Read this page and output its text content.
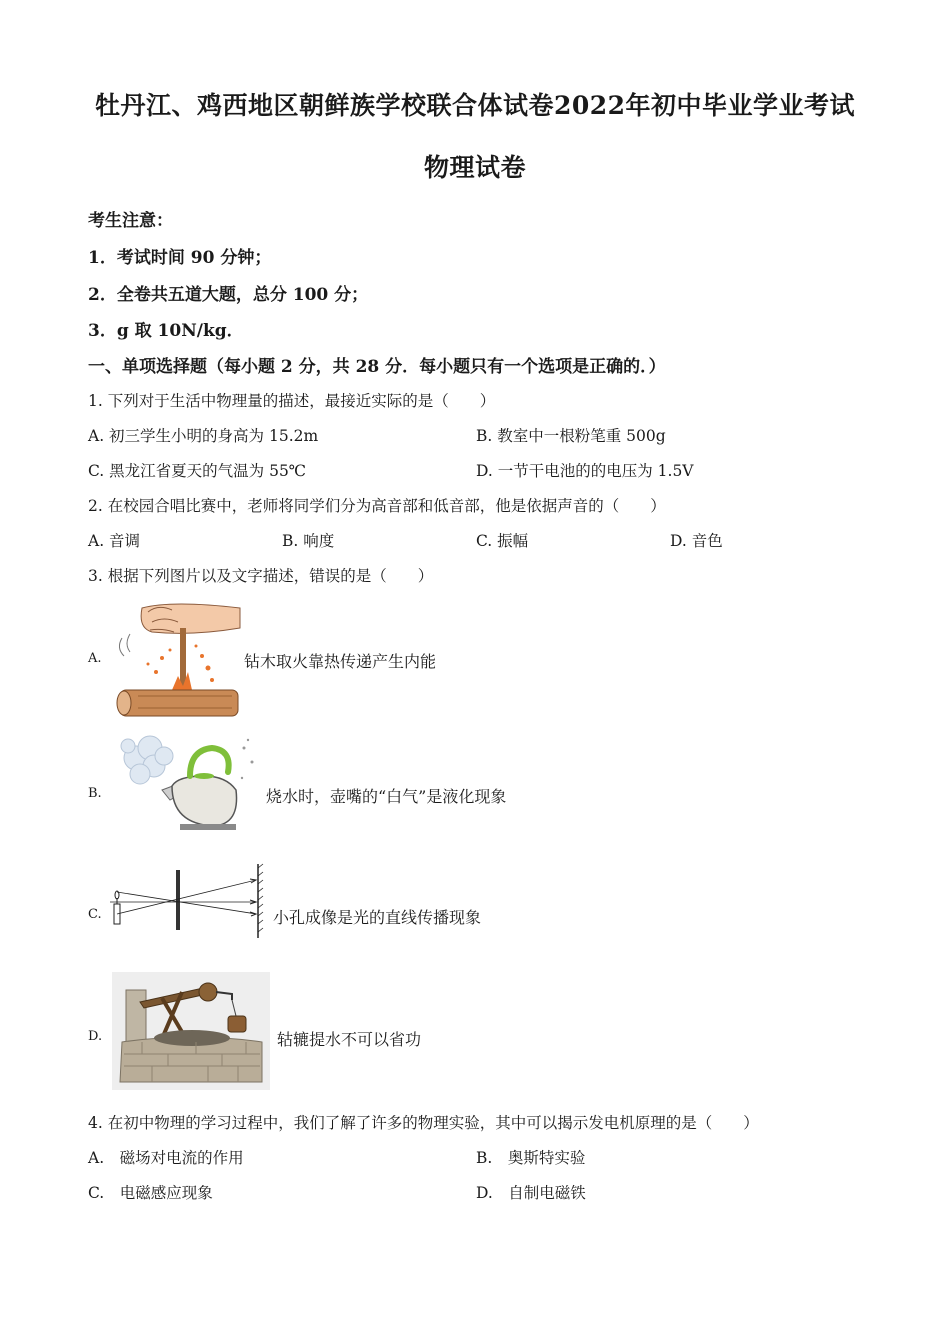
牡丹江、鸡西地区朝鲜族学校联合体试卷2022年初中毕业学业考试
物理试卷
考生注意：
1．考试时间 90 分钟；
2．全卷共五道大题，总分 100 分；
3．g 取 10N/kg．
一、单项选择题（每小题 2 分，共 28 分．每小题只有一个选项是正确的．）
1. 下列对于生活中物理量的描述，最接近实际的是（　　）
A. 初三学生小明的身高为 15.2m	B. 教室中一根粉笔重 500g
C. 黑龙江省夏天的气温为 55℃	D. 一节干电池的的电压为 1.5V
2. 在校园合唱比赛中，老师将同学们分为高音部和低音部，他是依据声音的（　　）
A. 音调	B. 响度	C. 振幅	D. 音色
3. 根据下列图片以及文字描述，错误的是（　　）
A.	钻木取火靠热传递产生内能
B.	烧水时，壶嘴的“白气”是液化现象
C.	小孔成像是光的直线传播现象
D.	轱辘提水不可以省功
4. 在初中物理的学习过程中，我们了解了许多的物理实验，其中可以揭示发电机原理的是（　　）
A.　磁场对电流的作用	B.　奥斯特实验
C.　电磁感应现象	D.　自制电磁铁
